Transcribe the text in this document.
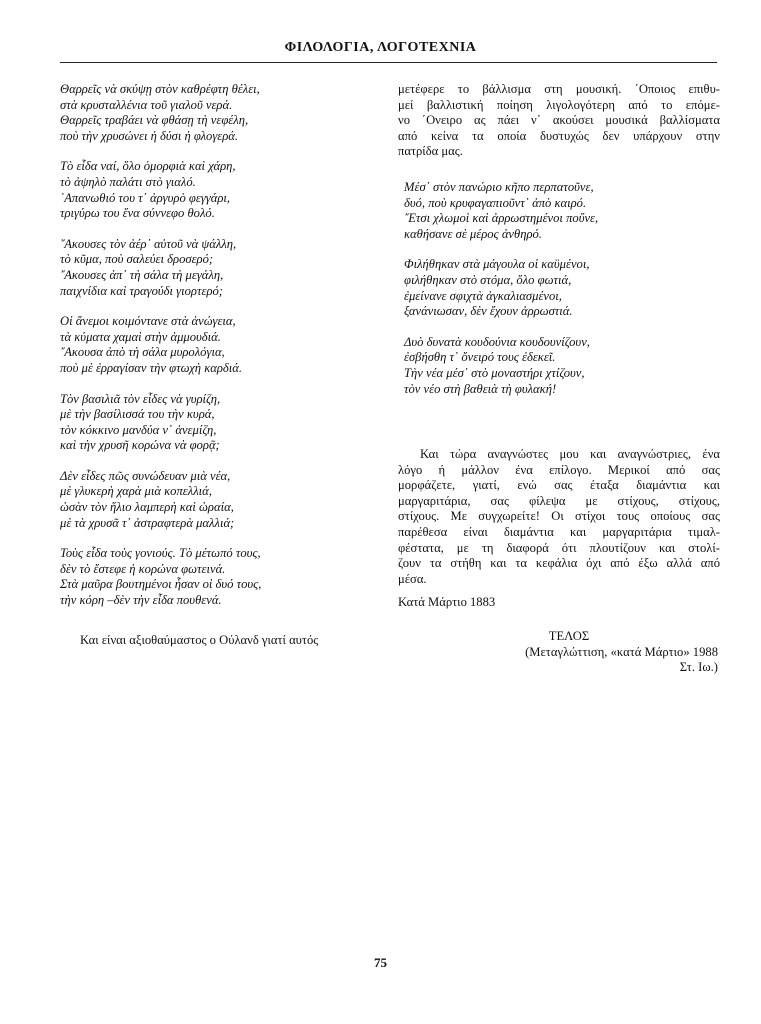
ΦΙΛΟΛΟΓΙΑ, ΛΟΓΟΤΕΧΝΙΑ
Θαρρεῖς νὰ σκύψῃ στὸν καθρέφτη θέλει,
στὰ κρυσταλλένια τοῦ γιαλοῦ νερά.
Θαρρεῖς τραβάει νὰ φθάσῃ τὴ νεφέλη,
ποὺ τὴν χρυσώνει ἡ δύσι ἡ φλογερά.
Τὸ εἶδα ναί, ὅλο ὀμορφιὰ καὶ χάρη,
τὸ ἀψηλὸ παλάτι στὸ γιαλό.
᾿Απανωθιό του τ᾿ ἀργυρὸ φεγγάρι,
τριγύρω του ἕνα σύννεφο θολό.
῎Ακουσες τὸν ἀέρ᾿ αὐτοῦ νὰ ψάλλη,
τὸ κῦμα, ποὺ σαλεύει δροσερό;
῎Ακουσες ἀπ᾿ τὴ σάλα τὴ μεγάλη,
παιχνίδια καὶ τραγούδι γιορτερό;
Οἱ ἄνεμοι κοιμόντανε στὰ ἀνώγεια,
τὰ κύματα χαμαὶ στὴν ἀμμουδιά.
῎Ακουσα ἀπὸ τὴ σάλα μυρολόγια,
ποὺ μὲ ἐρραγίσαν τὴν φτωχὴ καρδιά.
Τὸν βασιλιᾶ τὸν εἶδες νὰ γυρίζη,
μὲ τὴν βασίλισσά του τὴν κυρά,
τὸν κόκκινο μανδύα ν᾿ ἀνεμίζη,
καὶ τὴν χρυσῆ κορώνα νὰ φορᾷ;
Δὲν εἶδες πῶς συνώδευαν μιὰ νέα,
μὲ γλυκερὴ χαρὰ μιὰ κοπελλιά,
ὡσὰν τὸν ἥλιο λαμπερὴ καὶ ὡραία,
μὲ τὰ χρυσᾶ τ᾿ ἀστραφτερὰ μαλλιά;
Τοὺς εἶδα τοὺς γονιούς. Τὸ μέτωπό τους,
δὲν τὸ ἔστεφε ἡ κορώνα φωτεινά.
Στὰ μαῦρα βουτημένοι ἦσαν οἱ δυό τους,
τὴν κόρη –δὲν τὴν εἶδα πουθενά.
Και είναι αξιοθαύμαστος ο Ούλανδ γιατί αυτός
μετέφερε το βάλλισμα στη μουσική. ΄Οποιος επιθυ-
μεί βαλλιστική ποίηση λιγολογότερη από το επόμε-
νο ΄Ονειρο ας πάει ν᾿ ακούσει μουσικά βαλλίσματα
από κείνα τα οποία δυστυχώς δεν υπάρχουν στην
πατρίδα μας.
Μέσ᾿ στὸν πανώριο κῆπο περπατοῦνε,
δυό, ποὺ κρυφαγαπιοῦντ᾿ ἀπὸ καιρό.
῎Ετσι χλωμοὶ καὶ ἀρρωστημένοι ποὔνε,
καθήσανε σὲ μέρος ἀνθηρό.
Φιλήθηκαν στὰ μάγουλα οἱ καϋμένοι,
φιλήθηκαν στὸ στόμα, ὅλο φωτιά,
ἐμείνανε σφιχτὰ ἀγκαλιασμένοι,
ξανάνιωσαν, δὲν ἔχουν ἀρρωστιά.
Δυὸ δυνατὰ κουδούνια κουδουνίζουν,
ἐσβήσθη τ᾿ ὄνειρό τους ἐδεκεῖ.
Τὴν νέα μέσ᾿ στὸ μοναστήρι χτίζουν,
τὸν νέο στὴ βαθειὰ τὴ φυλακή!
Και τώρα αναγνώστες μου και αναγνώστριες, ένα
λόγο ή μάλλον ένα επίλογο. Μερικοί από σας
μορφάζετε, γιατί, ενώ σας έταξα διαμάντια και
μαργαριτάρια, σας φίλεψα με στίχους, στίχους,
στίχους. Με συγχωρείτε! Οι στίχοι τους οποίους σας
παρέθεσα είναι διαμάντια και μαργαριτάρια τιμαλ-
φέστατα, με τη διαφορά ότι πλουτίζουν και στολί-
ζουν τα στήθη και τα κεφάλια όχι από έξω αλλά από
μέσα.
Κατά Μάρτιο 1883
ΤΕΛΟΣ
(Μεταγλώττιση, «κατά Μάρτιο» 1988
Στ. Ιω.)
75
